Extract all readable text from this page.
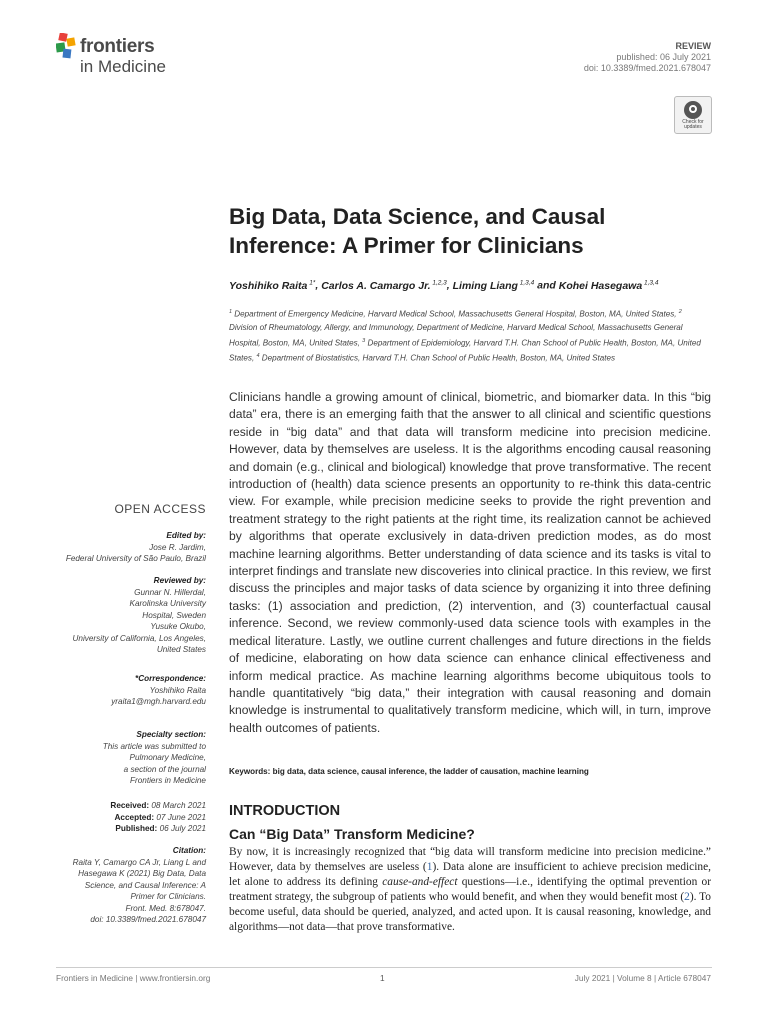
frontiers
in Medicine
REVIEW
published: 06 July 2021
doi: 10.3389/fmed.2021.678047
Check for updates
Big Data, Data Science, and Causal Inference: A Primer for Clinicians
Yoshihiko Raita $^{1*}$, Carlos A. Camargo Jr. $^{1,2,3}$, Liming Liang $^{1,3,4}$ and Kohei Hasegawa $^{1,3,4}$
$^1$ Department of Emergency Medicine, Harvard Medical School, Massachusetts General Hospital, Boston, MA, United States, $^2$ Division of Rheumatology, Allergy, and Immunology, Department of Medicine, Harvard Medical School, Massachusetts General Hospital, Boston, MA, United States, $^3$ Department of Epidemiology, Harvard T.H. Chan School of Public Health, Boston, MA, United States, $^4$ Department of Biostatistics, Harvard T.H. Chan School of Public Health, Boston, MA, United States
Clinicians handle a growing amount of clinical, biometric, and biomarker data. In this “big data” era, there is an emerging faith that the answer to all clinical and scientific questions reside in “big data” and that data will transform medicine into precision medicine. However, data by themselves are useless. It is the algorithms encoding causal reasoning and domain (e.g., clinical and biological) knowledge that prove transformative. The recent introduction of (health) data science presents an opportunity to re-think this data-centric view. For example, while precision medicine seeks to provide the right prevention and treatment strategy to the right patients at the right time, its realization cannot be achieved by algorithms that operate exclusively in data-driven prediction modes, as do most machine learning algorithms. Better understanding of data science and its tasks is vital to interpret findings and translate new discoveries into clinical practice. In this review, we first discuss the principles and major tasks of data science by organizing it into three defining tasks: (1) association and prediction, (2) intervention, and (3) counterfactual causal inference. Second, we review commonly-used data science tools with examples in the medical literature. Lastly, we outline current challenges and future directions in the fields of medicine, elaborating on how data science can enhance clinical effectiveness and inform medical practice. As machine learning algorithms become ubiquitous tools to handle quantitatively “big data,” their integration with causal reasoning and domain knowledge is instrumental to qualitatively transform medicine, which will, in turn, improve health outcomes of patients.
Keywords: big data, data science, causal inference, the ladder of causation, machine learning
OPEN ACCESS
Edited by:
Jose R. Jardim,
Federal University of São Paulo, Brazil
Reviewed by:
Gunnar N. Hillerdal,
Karolinska University
Hospital, Sweden
Yusuke Okubo,
University of California, Los Angeles,
United States
*Correspondence:
Yoshihiko Raita
yraita1@mgh.harvard.edu
Specialty section:
This article was submitted to
Pulmonary Medicine,
a section of the journal
Frontiers in Medicine
Received: 08 March 2021
Accepted: 07 June 2021
Published: 06 July 2021
Citation:
Raita Y, Camargo CA Jr, Liang L and
Hasegawa K (2021) Big Data, Data
Science, and Causal Inference: A
Primer for Clinicians.
Front. Med. 8:678047.
doi: 10.3389/fmed.2021.678047
INTRODUCTION
Can “Big Data” Transform Medicine?
By now, it is increasingly recognized that “big data will transform medicine into precision medicine.” However, data by themselves are useless (1). Data alone are insufficient to achieve precision medicine, let alone to address its defining cause-and-effect questions—i.e., identifying the optimal prevention or treatment strategy, the subgroup of patients who would benefit, and when they would benefit most (2). To become useful, data should be queried, analyzed, and acted upon. It is causal reasoning, knowledge, and algorithms—not data—that prove transformative.
Frontiers in Medicine | www.frontiersin.org	1	July 2021 | Volume 8 | Article 678047
